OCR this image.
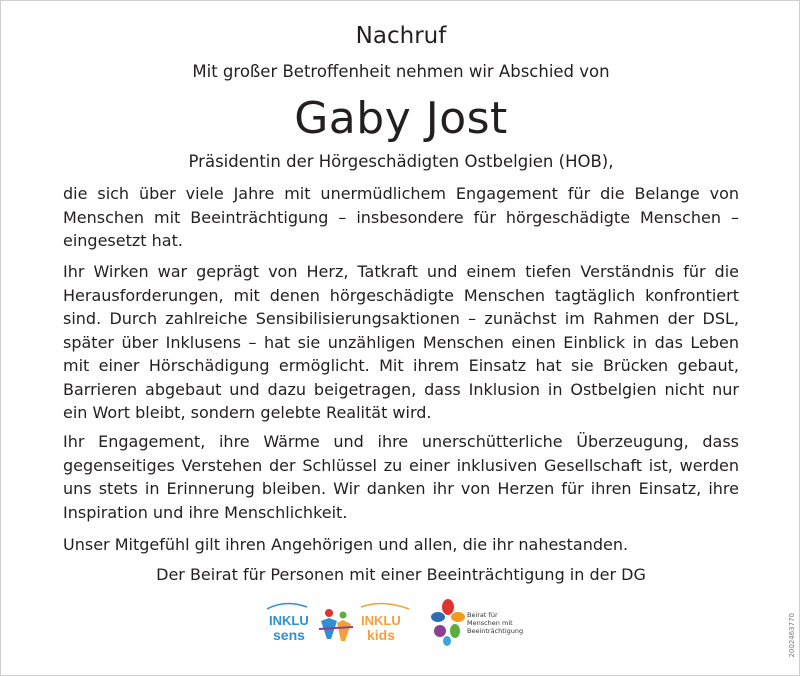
Nachruf
Mit großer Betroffenheit nehmen wir Abschied von
Gaby Jost
Präsidentin der Hörgeschädigten Ostbelgien (HOB),

die sich über viele Jahre mit unermüdlichem Engagement für die Belange von Menschen mit Beeinträchtigung – insbesondere für hörgeschädigte Menschen – eingesetzt hat.

Ihr Wirken war geprägt von Herz, Tatkraft und einem tiefen Verständnis für die Herausforderungen, mit denen hörgeschädigte Menschen tagtäglich konfrontiert sind. Durch zahlreiche Sensibilisierungsaktionen – zunächst im Rahmen der DSL, später über Inklusens – hat sie unzähligen Menschen einen Einblick in das Leben mit einer Hörschädigung ermöglicht. Mit ihrem Einsatz hat sie Brücken gebaut, Barrieren abgebaut und dazu beigetragen, dass Inklusion in Ostbelgien nicht nur ein Wort bleibt, sondern gelebte Realität wird.

Ihr Engagement, ihre Wärme und ihre unerschütterliche Überzeugung, dass gegenseitiges Verstehen der Schlüssel zu einer inklusiven Gesellschaft ist, werden uns stets in Erinnerung bleiben. Wir danken ihr von Herzen für ihren Einsatz, ihre Inspiration und ihre Menschlichkeit.

Unser Mitgefühl gilt ihren Angehörigen und allen, die ihr nahestanden.

Der Beirat für Personen mit einer Beeinträchtigung in der DG
INKLU
sens
INKLU
kids
Beirat für
Menschen mit
Beeinträchtigung	2002463770
